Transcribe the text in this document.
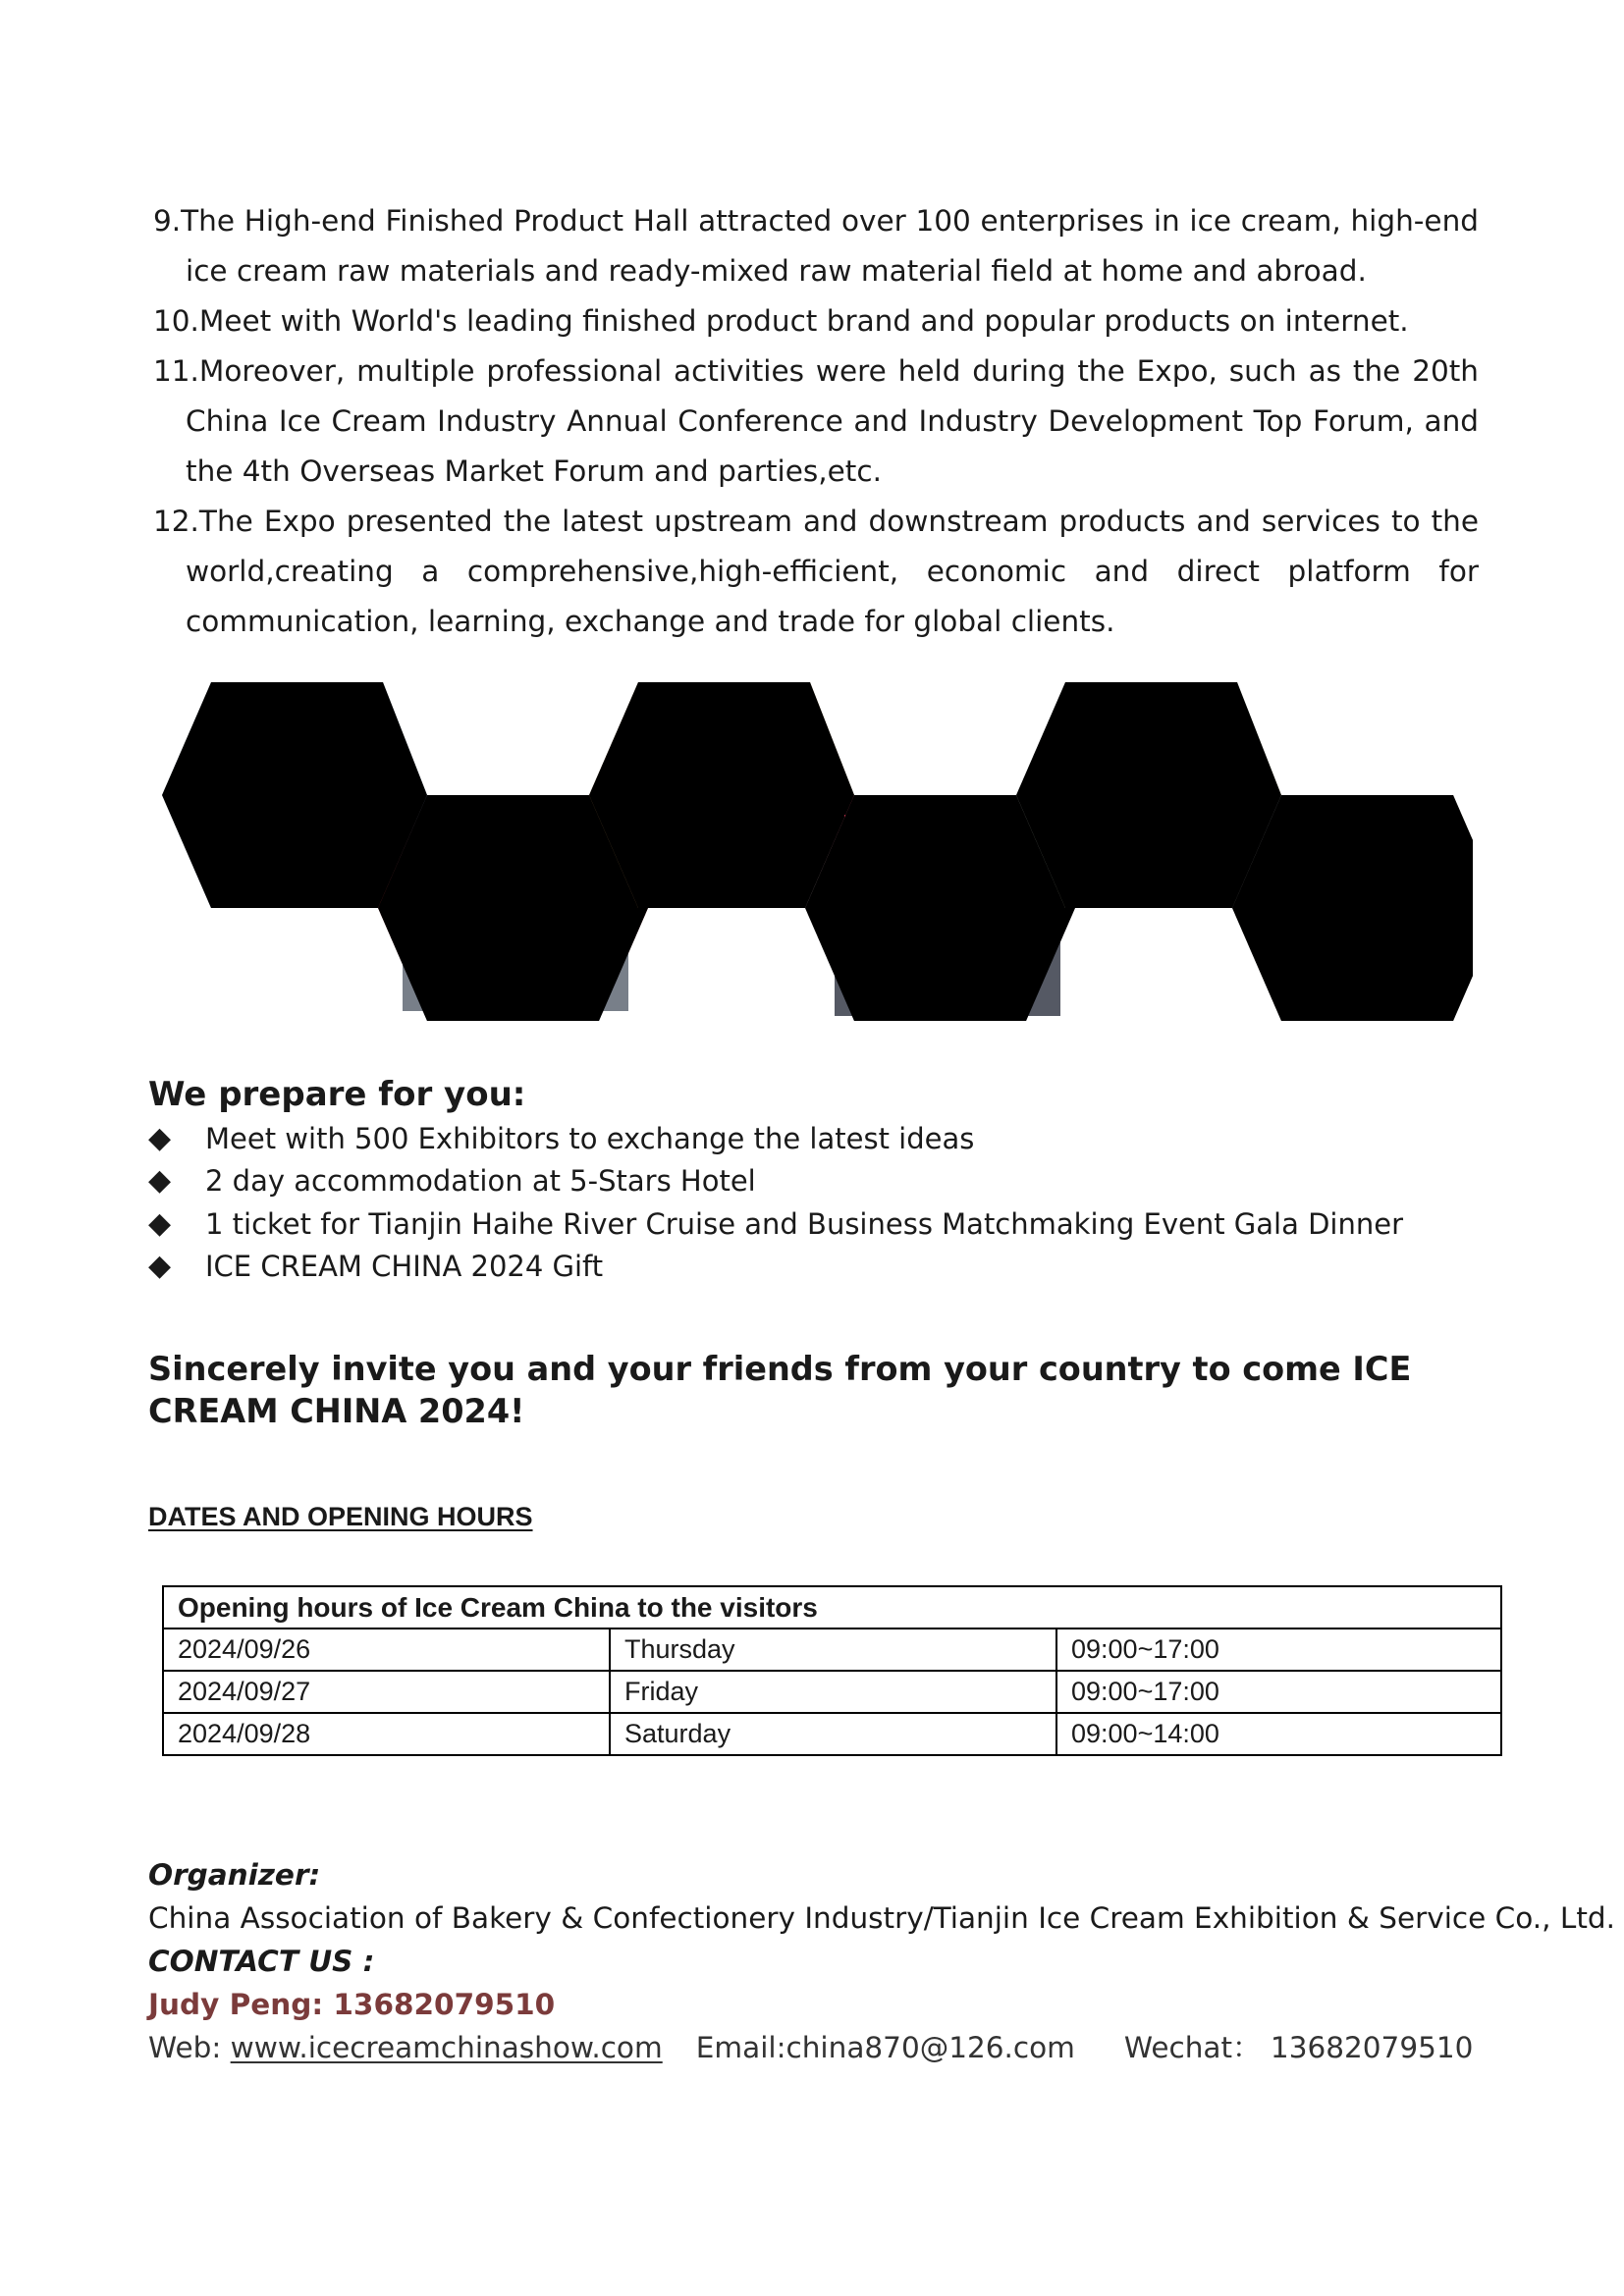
9.The High-end Finished Product Hall attracted over 100 enterprises in ice cream, high-end ice cream raw materials and ready-mixed raw material field at home and abroad.
10.Meet with World's leading finished product brand and popular products on internet.
11.Moreover, multiple professional activities were held during the Expo, such as the 20th China Ice Cream Industry Annual Conference and Industry Development Top Forum, and the 4th Overseas Market Forum and parties,etc.
12.The Expo presented the latest upstream and downstream products and services to the world,creating a comprehensive,high-efficient, economic and direct platform for communication, learning, exchange and trade for global clients.
We prepare for you:
◆	Meet with 500 Exhibitors to exchange the latest ideas
◆	2 day accommodation at 5-Stars Hotel
◆	1 ticket for Tianjin Haihe River Cruise and Business Matchmaking Event Gala Dinner
◆	ICE CREAM CHINA 2024 Gift

Sincerely invite you and your friends from your country to come ICE CREAM CHINA 2024!

DATES AND OPENING HOURS
Opening hours of Ice Cream China to the visitors		
2024/09/26	Thursday	09:00~17:00
2024/09/27	Friday	09:00~17:00
2024/09/28	Saturday	09:00~14:00
Organizer:
China Association of Bakery & Confectionery Industry/Tianjin Ice Cream Exhibition & Service Co., Ltd.
CONTACT US :
Judy Peng: 13682079510
Web: www.icecreamchinashow.com Email:china870@126.com Wechat： 13682079510
